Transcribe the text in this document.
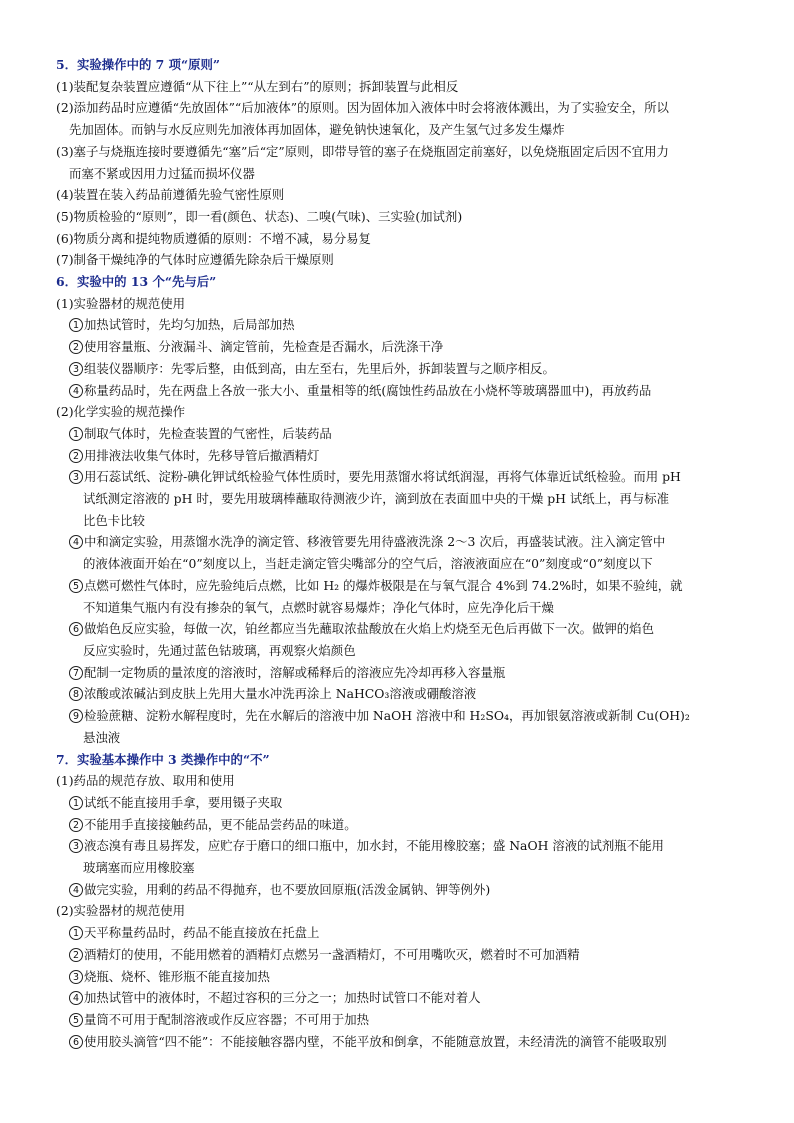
5．实验操作中的 7 项“原则”
(1)装配复杂装置应遵循“从下往上”“从左到右”的原则；拆卸装置与此相反
(2)添加药品时应遵循“先放固体”“后加液体”的原则。因为固体加入液体中时会将液体溅出，为了实验安全，所以
先加固体。而钠与水反应则先加液体再加固体，避免钠快速氧化，及产生氢气过多发生爆炸
(3)塞子与烧瓶连接时要遵循先“塞”后“定”原则，即带导管的塞子在烧瓶固定前塞好，以免烧瓶固定后因不宜用力
而塞不紧或因用力过猛而损坏仪器
(4)装置在装入药品前遵循先验气密性原则
(5)物质检验的“原则”，即一看(颜色、状态)、二嗅(气味)、三实验(加试剂)
(6)物质分离和提纯物质遵循的原则：不增不减，易分易复
(7)制备干燥纯净的气体时应遵循先除杂后干燥原则
6．实验中的 13 个“先与后”
(1)实验器材的规范使用
1 加热试管时，先均匀加热，后局部加热
2 使用容量瓶、分液漏斗、滴定管前，先检查是否漏水，后洗涤干净
3 组装仪器顺序：先零后整，由低到高，由左至右，先里后外，拆卸装置与之顺序相反。
4 称量药品时，先在两盘上各放一张大小、重量相等的纸(腐蚀性药品放在小烧杯等玻璃器皿中)，再放药品
(2)化学实验的规范操作
1 制取气体时，先检查装置的气密性，后装药品
2 用排液法收集气体时，先移导管后撤酒精灯
3 用石蕊试纸、淀粉-碘化钾试纸检验气体性质时，要先用蒸馏水将试纸润湿，再将气体靠近试纸检验。而用 pH
试纸测定溶液的 pH 时，要先用玻璃棒蘸取待测液少许，滴到放在表面皿中央的干燥 pH 试纸上，再与标准
比色卡比较
4 中和滴定实验，用蒸馏水洗净的滴定管、移液管要先用待盛液洗涤 2～3 次后，再盛装试液。注入滴定管中
的液体液面开始在“0”刻度以上，当赶走滴定管尖嘴部分的空气后，溶液液面应在“0”刻度或“0”刻度以下
5 点燃可燃性气体时，应先验纯后点燃，比如 H₂ 的爆炸极限是在与氧气混合 4%到 74.2%时，如果不验纯，就
不知道集气瓶内有没有掺杂的氧气，点燃时就容易爆炸；净化气体时，应先净化后干燥
6 做焰色反应实验，每做一次，铂丝都应当先蘸取浓盐酸放在火焰上灼烧至无色后再做下一次。做钾的焰色
反应实验时，先通过蓝色钴玻璃，再观察火焰颜色
7 配制一定物质的量浓度的溶液时，溶解或稀释后的溶液应先冷却再移入容量瓶
8 浓酸或浓碱沾到皮肤上先用大量水冲洗再涂上 NaHCO₃溶液或硼酸溶液
9 检验蔗糖、淀粉水解程度时，先在水解后的溶液中加 NaOH 溶液中和 H₂SO₄，再加银氨溶液或新制 Cu(OH)₂
悬浊液
7．实验基本操作中 3 类操作中的“不”
(1)药品的规范存放、取用和使用
1 试纸不能直接用手拿，要用镊子夹取
2 不能用手直接接触药品，更不能品尝药品的味道。
3 液态溴有毒且易挥发，应贮存于磨口的细口瓶中，加水封，不能用橡胶塞；盛 NaOH 溶液的试剂瓶不能用
玻璃塞而应用橡胶塞
4 做完实验，用剩的药品不得抛弃，也不要放回原瓶(活泼金属钠、钾等例外)
(2)实验器材的规范使用
1 天平称量药品时，药品不能直接放在托盘上
2 酒精灯的使用，不能用燃着的酒精灯点燃另一盏酒精灯，不可用嘴吹灭，燃着时不可加酒精
3 烧瓶、烧杯、锥形瓶不能直接加热
4 加热试管中的液体时，不超过容积的三分之一；加热时试管口不能对着人
5 量筒不可用于配制溶液或作反应容器；不可用于加热
6 使用胶头滴管“四不能”：不能接触容器内壁，不能平放和倒拿，不能随意放置，未经清洗的滴管不能吸取别
